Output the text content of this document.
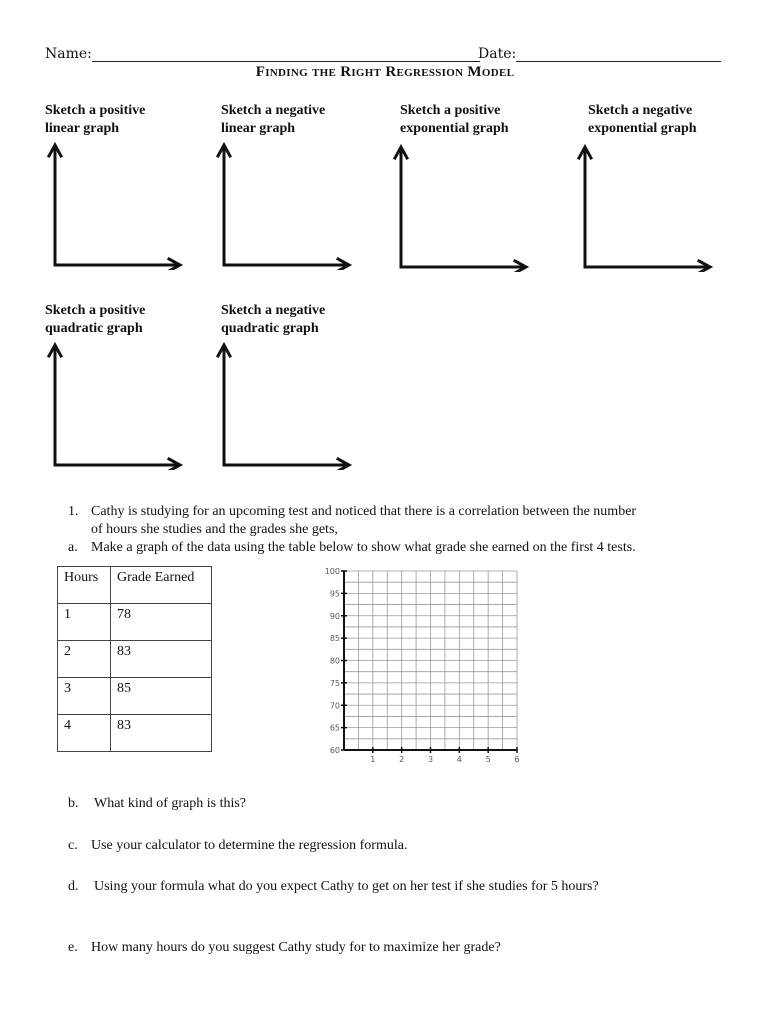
Name:	Date:
Finding the Right Regression Model
Sketch a positive
linear graph
Sketch a negative
linear graph
Sketch a positive
exponential graph
Sketch a negative
exponential graph
Sketch a positive
quadratic graph
Sketch a negative
quadratic graph
1. Cathy is studying for an upcoming test and noticed that there is a correlation between the number
of hours she studies and the grades she gets,
a. Make a graph of the data using the table below to show what grade she earned on the first 4 tests.
Hours	Grade Earned
1	78
2	83
3	85
4	83
100
95
90
85
80
75
70
65
60
1	2	3	4	5	6
b. What kind of graph is this?
c. Use your calculator to determine the regression formula.
d. Using your formula what do you expect Cathy to get on her test if she studies for 5 hours?
e. How many hours do you suggest Cathy study for to maximize her grade?
